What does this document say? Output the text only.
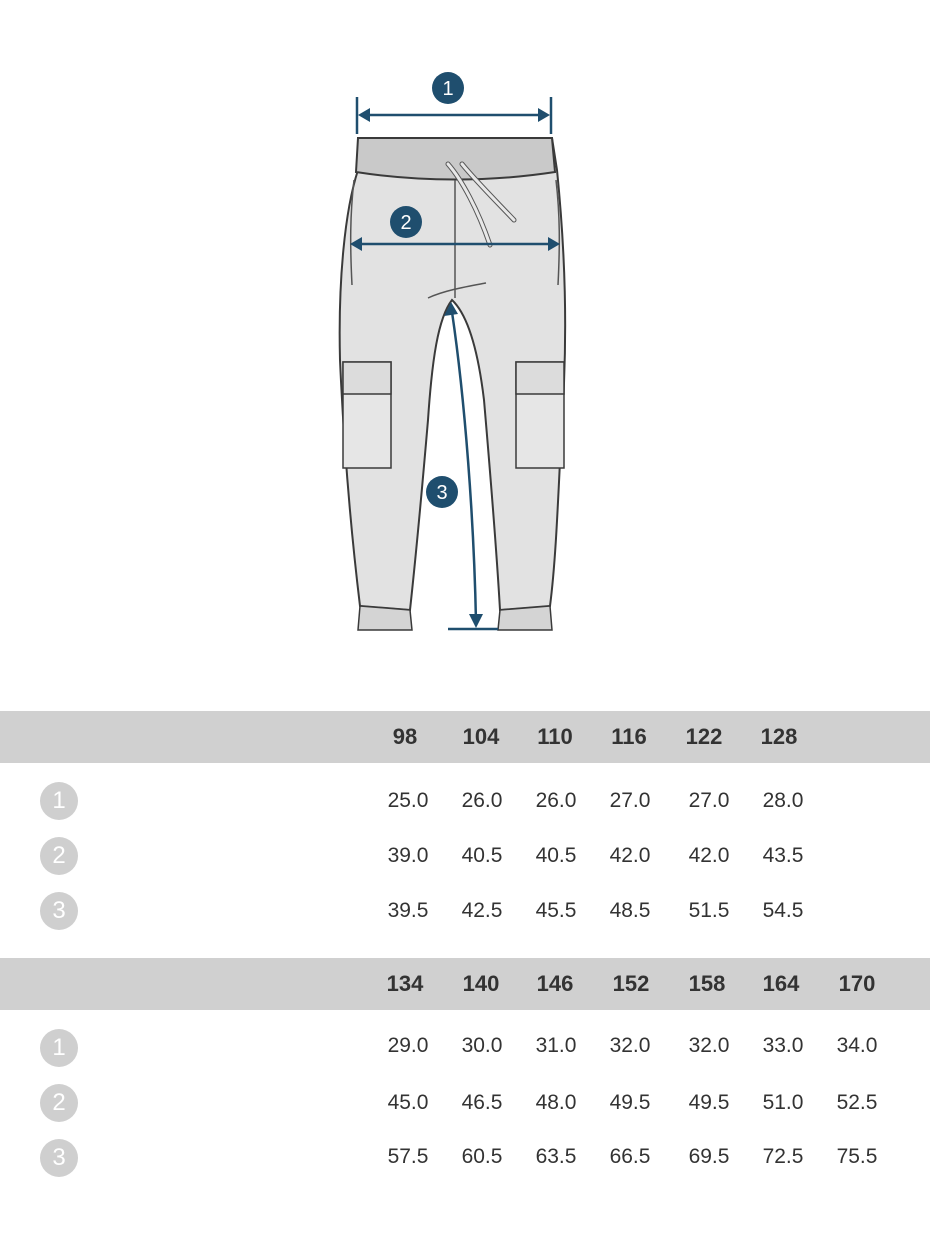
1
2
3
98	104	110	116	122	128
1	25.0	26.0	26.0	27.0	27.0	28.0
2	39.0	40.5	40.5	42.0	42.0	43.5
3	39.5	42.5	45.5	48.5	51.5	54.5
134	140	146	152	158	164	170
1	29.0	30.0	31.0	32.0	32.0	33.0	34.0
2	45.0	46.5	48.0	49.5	49.5	51.0	52.5
3	57.5	60.5	63.5	66.5	69.5	72.5	75.5
